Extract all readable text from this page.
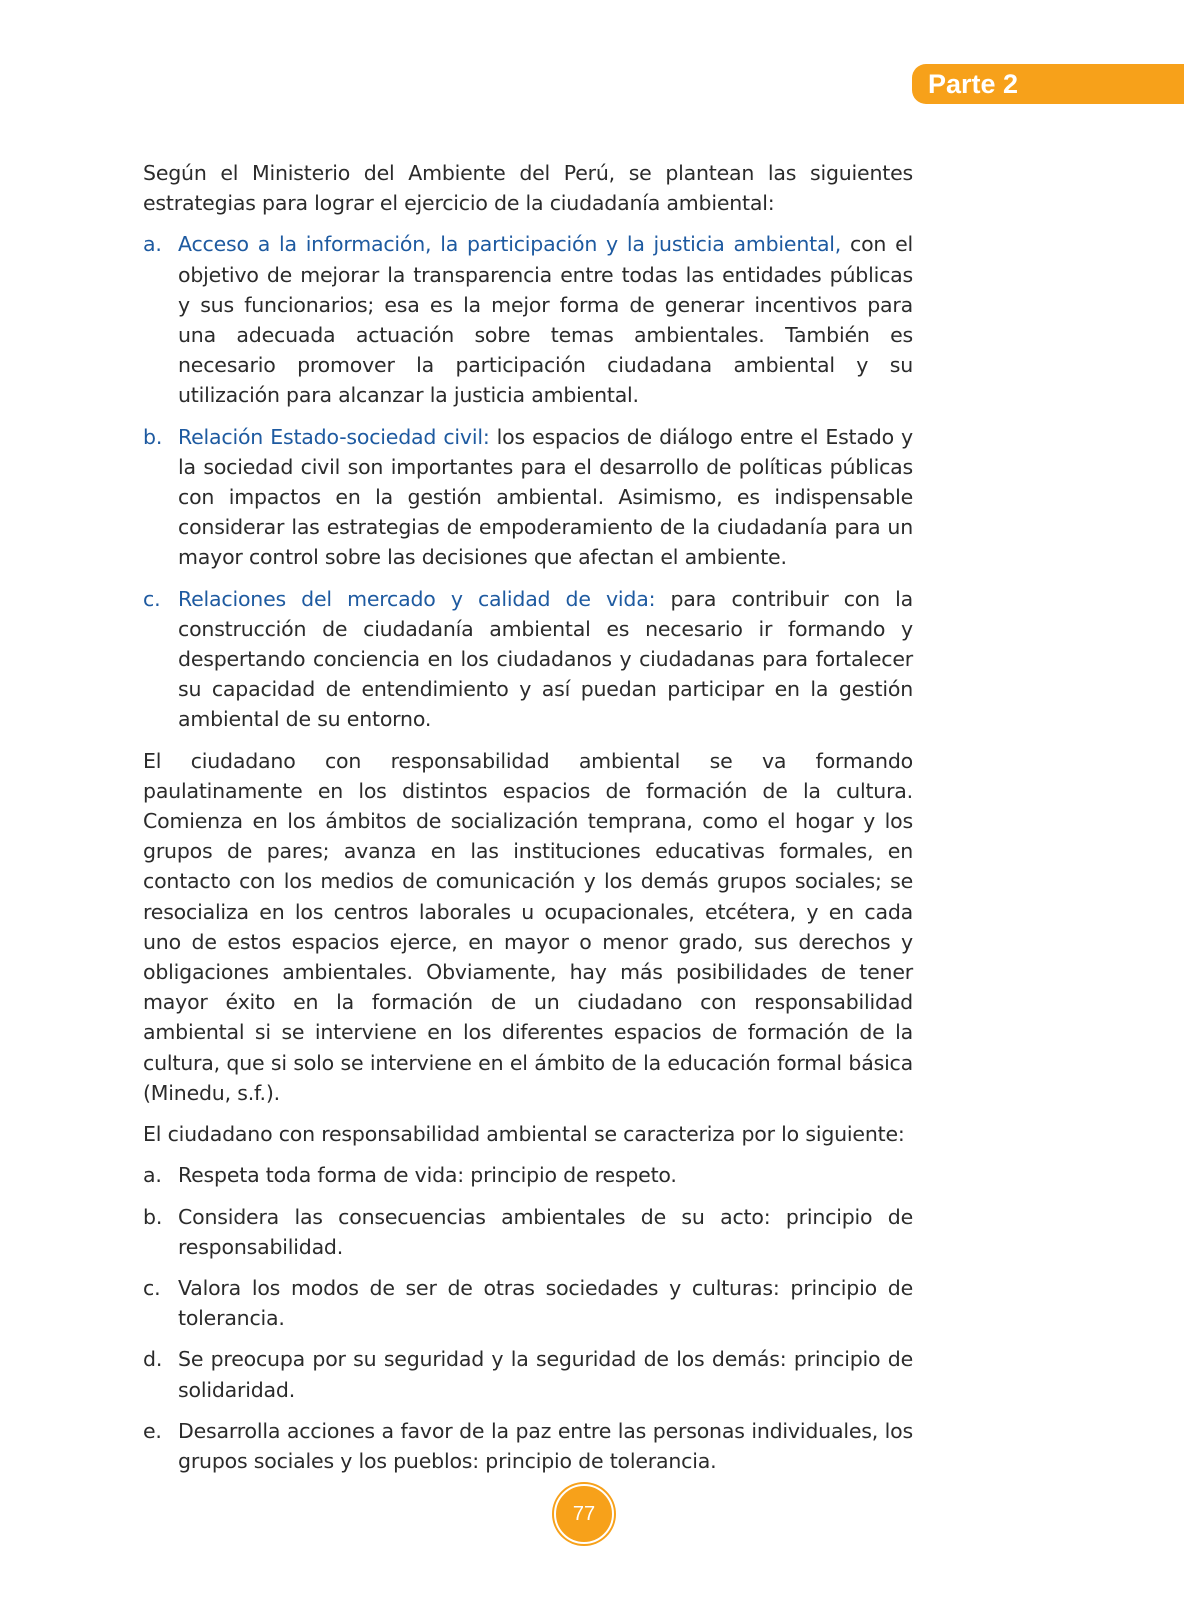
Parte 2

Según el Ministerio del Ambiente del Perú, se plantean las siguientes estrategias para lograr el ejercicio de la ciudadanía ambiental:

a. Acceso a la información, la participación y la justicia ambiental, con el objetivo de mejorar la transparencia entre todas las entidades públicas y sus funcionarios; esa es la mejor forma de generar incentivos para una adecuada actuación sobre temas ambientales. También es necesario promover la participación ciudadana ambiental y su utilización para alcanzar la justicia ambiental.
b. Relación Estado-sociedad civil: los espacios de diálogo entre el Estado y la sociedad civil son importantes para el desarrollo de políticas públicas con impactos en la gestión ambiental. Asimismo, es indispensable considerar las estrategias de empoderamiento de la ciudadanía para un mayor control sobre las decisiones que afectan el ambiente.
c. Relaciones del mercado y calidad de vida: para contribuir con la construcción de ciudadanía ambiental es necesario ir formando y despertando conciencia en los ciudadanos y ciudadanas para fortalecer su capacidad de entendimiento y así puedan participar en la gestión ambiental de su entorno.

El ciudadano con responsabilidad ambiental se va formando paulatinamente en los distintos espacios de formación de la cultura. Comienza en los ámbitos de socialización temprana, como el hogar y los grupos de pares; avanza en las instituciones educativas formales, en contacto con los medios de comunicación y los demás grupos sociales; se resocializa en los centros laborales u ocupacionales, etcétera, y en cada uno de estos espacios ejerce, en mayor o menor grado, sus derechos y obligaciones ambientales. Obviamente, hay más posibilidades de tener mayor éxito en la formación de un ciudadano con responsabilidad ambiental si se interviene en los diferentes espacios de formación de la cultura, que si solo se interviene en el ámbito de la educación formal básica (Minedu, s.f.).

El ciudadano con responsabilidad ambiental se caracteriza por lo siguiente:

a. Respeta toda forma de vida: principio de respeto.
b. Considera las consecuencias ambientales de su acto: principio de responsabilidad.
c. Valora los modos de ser de otras sociedades y culturas: principio de tolerancia.
d. Se preocupa por su seguridad y la seguridad de los demás: principio de solidaridad.
e. Desarrolla acciones a favor de la paz entre las personas individuales, los grupos sociales y los pueblos: principio de tolerancia.
77
